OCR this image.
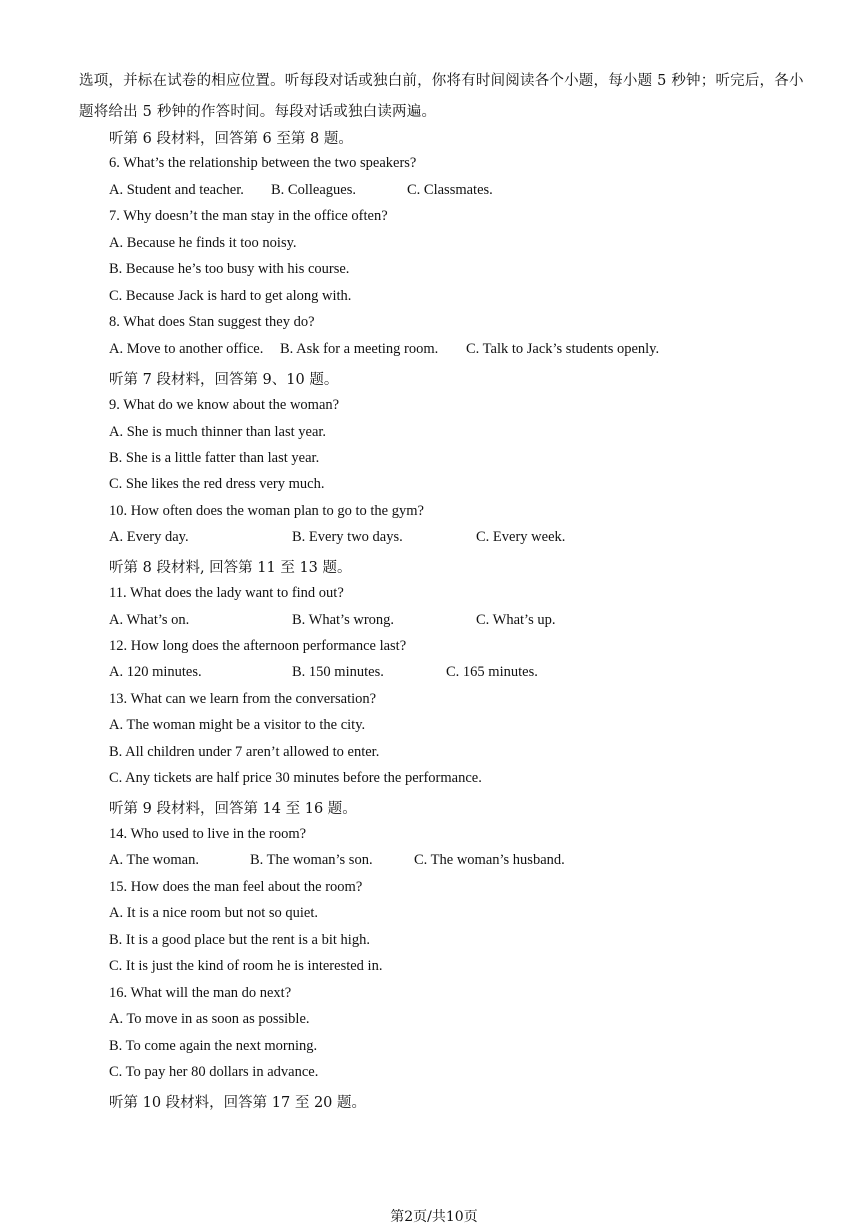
选项，并标在试卷的相应位置。听每段对话或独白前，你将有时间阅读各个小题，每小题 5 秒钟；听完后，各小题将给出 5 秒钟的作答时间。每段对话或独白读两遍。
听第 6 段材料，回答第 6 至第 8 题。
6. What’s the relationship between the two speakers?
A. Student and teacher. B. Colleagues.	C. Classmates.
7. Why doesn’t the man stay in the office often?
A. Because he finds it too noisy.
B. Because he’s too busy with his course.
C. Because Jack is hard to get along with.
8. What does Stan suggest they do?
A. Move to another office. B. Ask for a meeting room. C. Talk to Jack’s students openly.
听第 7 段材料，回答第 9、10 题。
9. What do we know about the woman?
A. She is much thinner than last year.
B. She is a little fatter than last year.
C. She likes the red dress very much.
10. How often does the woman plan to go to the gym?
A. Every day.	B. Every two days.	C. Every week.
听第 8 段材料, 回答第 11 至 13 题。
11. What does the lady want to find out?
A. What’s on.	B. What’s wrong.	C. What’s up.
12. How long does the afternoon performance last?
A. 120 minutes.	B. 150 minutes.	C. 165 minutes.
13. What can we learn from the conversation?
A. The woman might be a visitor to the city.
B. All children under 7 aren’t allowed to enter.
C. Any tickets are half price 30 minutes before the performance.
听第 9 段材料，回答第 14 至 16 题。
14. Who used to live in the room?
A. The woman.	B. The woman’s son.	C. The woman’s husband.
15. How does the man feel about the room?
A. It is a nice room but not so quiet.
B. It is a good place but the rent is a bit high.
C. It is just the kind of room he is interested in.
16. What will the man do next?
A. To move in as soon as possible.
B. To come again the next morning.
C. To pay her 80 dollars in advance.
听第 10 段材料，回答第 17 至 20 题。
第2页/共10页
